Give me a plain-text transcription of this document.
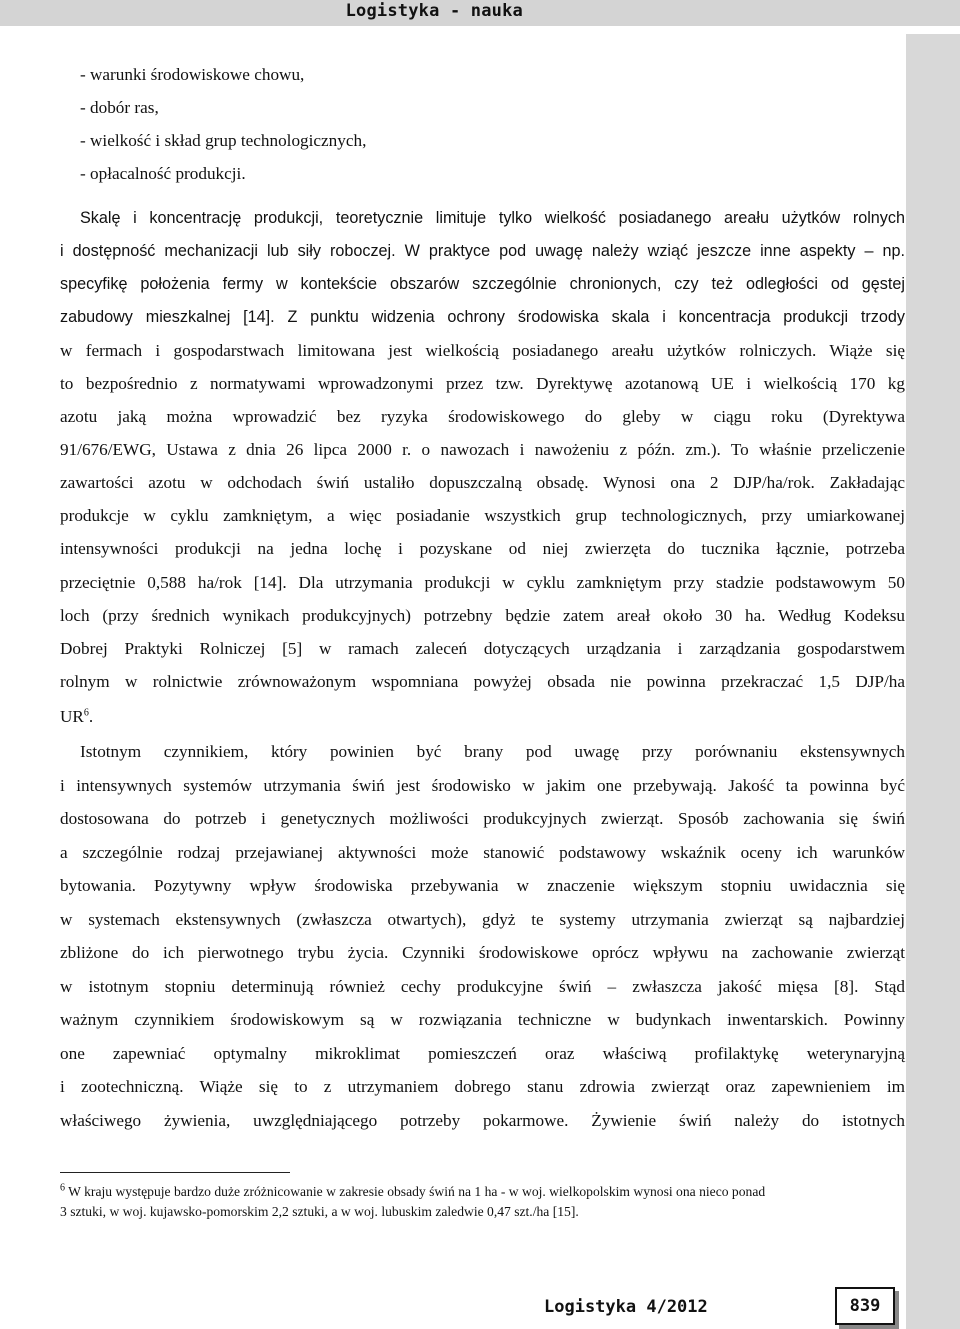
Logistyka - nauka
- warunki środowiskowe chowu,
- dobór ras,
- wielkość i skład grup technologicznych,
- opłacalność produkcji.
Skalę i koncentrację produkcji, teoretycznie limituje tylko wielkość posiadanego areału użytków rolnych
i dostępność mechanizacji lub siły roboczej. W praktyce pod uwagę należy wziąć jeszcze inne aspekty – np.
specyfikę położenia fermy w kontekście obszarów szczególnie chronionych, czy też odległości od gęstej
zabudowy mieszkalnej [14]. Z punktu widzenia ochrony środowiska skala i koncentracja produkcji trzody
w fermach i gospodarstwach limitowana jest wielkością posiadanego areału użytków rolniczych. Wiąże się
to bezpośrednio z normatywami wprowadzonymi przez tzw. Dyrektywę azotanową UE i wielkością 170 kg
azotu jaką można wprowadzić bez ryzyka środowiskowego do gleby w ciągu roku (Dyrektywa
91/676/EWG, Ustawa z dnia 26 lipca 2000 r. o nawozach i nawożeniu z późn. zm.). To właśnie przeliczenie
zawartości azotu w odchodach świń ustaliło dopuszczalną obsadę. Wynosi ona 2 DJP/ha/rok. Zakładając
produkcje w cyklu zamkniętym, a więc posiadanie wszystkich grup technologicznych, przy umiarkowanej
intensywności produkcji na jedna lochę i pozyskane od niej zwierzęta do tucznika łącznie, potrzeba
przeciętnie 0,588 ha/rok [14]. Dla utrzymania produkcji w cyklu zamkniętym przy stadzie podstawowym 50
loch (przy średnich wynikach produkcyjnych) potrzebny będzie zatem areał około 30 ha. Według Kodeksu
Dobrej Praktyki Rolniczej [5] w ramach zaleceń dotyczących urządzania i zarządzania gospodarstwem
rolnym w rolnictwie zrównoważonym wspomniana powyżej obsada nie powinna przekraczać 1,5 DJP/ha
$UR^6$.
Istotnym czynnikiem, który powinien być brany pod uwagę przy porównaniu ekstensywnych
i intensywnych systemów utrzymania świń jest środowisko w jakim one przebywają. Jakość ta powinna być
dostosowana do potrzeb i genetycznych możliwości produkcyjnych zwierząt. Sposób zachowania się świń
a szczególnie rodzaj przejawianej aktywności może stanowić podstawowy wskaźnik oceny ich warunków
bytowania. Pozytywny wpływ środowiska przebywania w znaczenie większym stopniu uwidacznia się
w systemach ekstensywnych (zwłaszcza otwartych), gdyż te systemy utrzymania zwierząt są najbardziej
zbliżone do ich pierwotnego trybu życia. Czynniki środowiskowe oprócz wpływu na zachowanie zwierząt
w istotnym stopniu determinują również cechy produkcyjne świń – zwłaszcza jakość mięsa [8]. Stąd
ważnym czynnikiem środowiskowym są w rozwiązania techniczne w budynkach inwentarskich. Powinny
one zapewniać optymalny mikroklimat pomieszczeń oraz właściwą profilaktykę weterynaryjną
i zootechniczną. Wiąże się to z utrzymaniem dobrego stanu zdrowia zwierząt oraz zapewnieniem im
właściwego żywienia, uwzględniającego potrzeby pokarmowe. Żywienie świń należy do istotnych
$^6$ W kraju występuje bardzo duże zróżnicowanie w zakresie obsady świń na 1 ha - w woj. wielkopolskim wynosi ona nieco ponad
3 sztuki, w woj. kujawsko-pomorskim 2,2 sztuki, a w woj. lubuskim zaledwie 0,47 szt./ha [15].
Logistyka 4/2012	839
